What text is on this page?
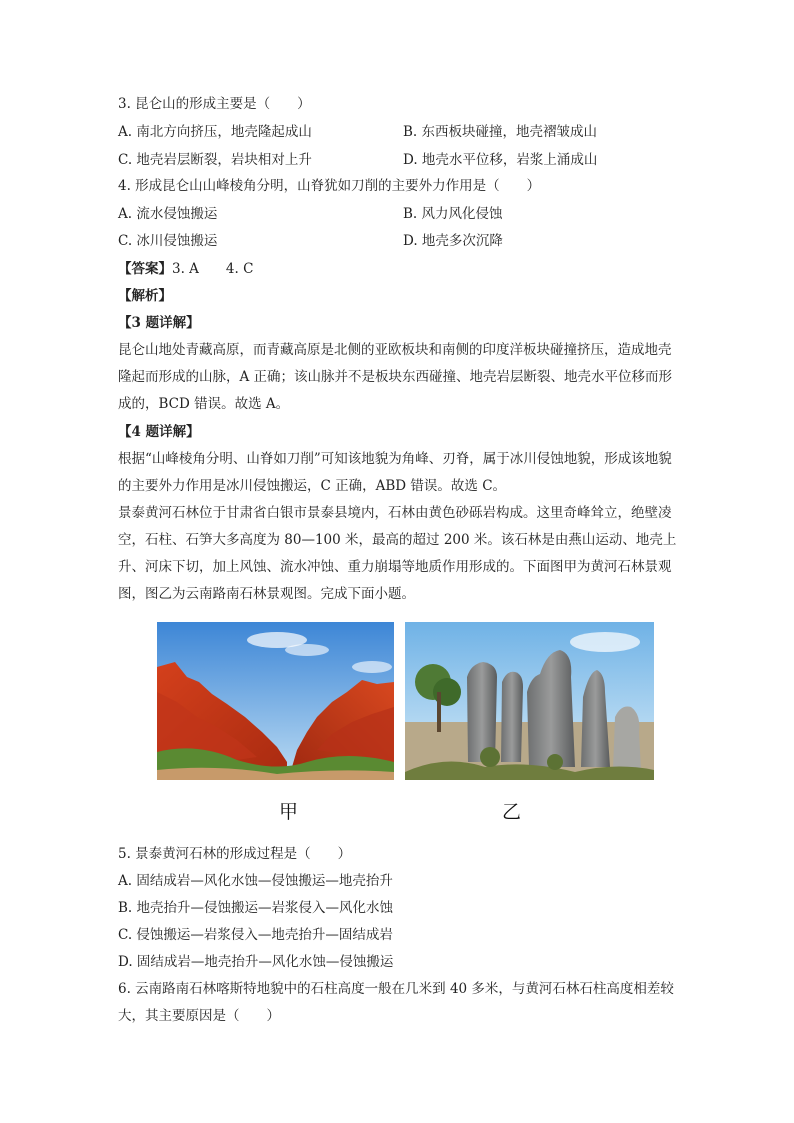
3. 昆仑山的形成主要是（　　）
A. 南北方向挤压，地壳隆起成山	B. 东西板块碰撞，地壳褶皱成山
C. 地壳岩层断裂，岩块相对上升	D. 地壳水平位移，岩浆上涌成山
4. 形成昆仑山山峰棱角分明，山脊犹如刀削的主要外力作用是（　　）
A. 流水侵蚀搬运	B. 风力风化侵蚀
C. 冰川侵蚀搬运	D. 地壳多次沉降
【答案】3. A　　4. C
【解析】
【3 题详解】
昆仑山地处青藏高原，而青藏高原是北侧的亚欧板块和南侧的印度洋板块碰撞挤压，造成地壳隆起而形成的山脉，A 正确；该山脉并不是板块东西碰撞、地壳岩层断裂、地壳水平位移而形成的，BCD 错误。故选 A。
【4 题详解】
根据“山峰棱角分明、山脊如刀削”可知该地貌为角峰、刃脊，属于冰川侵蚀地貌，形成该地貌的主要外力作用是冰川侵蚀搬运，C 正确，ABD 错误。故选 C。
景泰黄河石林位于甘肃省白银市景泰县境内，石林由黄色砂砾岩构成。这里奇峰耸立，绝壁凌空，石柱、石笋大多高度为 80—100 米，最高的超过 200 米。该石林是由燕山运动、地壳上升、河床下切，加上风蚀、流水冲蚀、重力崩塌等地质作用形成的。下面图甲为黄河石林景观图，图乙为云南路南石林景观图。完成下面小题。
甲	乙
5. 景泰黄河石林的形成过程是（　　）
A. 固结成岩—风化水蚀—侵蚀搬运—地壳抬升
B. 地壳抬升—侵蚀搬运—岩浆侵入—风化水蚀
C. 侵蚀搬运—岩浆侵入—地壳抬升—固结成岩
D. 固结成岩—地壳抬升—风化水蚀—侵蚀搬运
6. 云南路南石林喀斯特地貌中的石柱高度一般在几米到 40 多米，与黄河石林石柱高度相差较大，其主要原因是（　　）
